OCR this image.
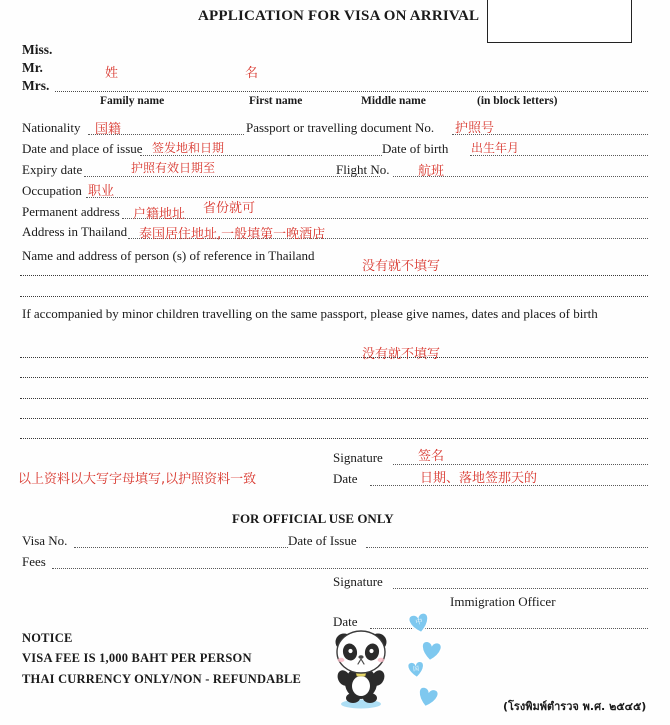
APPLICATION FOR VISA ON ARRIVAL
Miss.
Mr.
Mrs.
姓	名
Family name	First name	Middle name	(in block letters)
Nationality 国籍	Passport or travelling document No. 护照号
Date and place of issue 签发地和日期	Date of birth 出生年月
Expiry date	护照有效日期至	Flight No. 航班
Occupation 职业
Permanent address 户籍地址 省份就可
Address in Thailand 泰国居住地址,一般填第一晚酒店
Name and address of person (s) of reference in Thailand
没有就不填写
If accompanied by minor children travelling on the same passport, please give names, dates and places of birth
没有就不填写
Signature	签名
Date	日期、落地签那天的
以上资料以大写字母填写,以护照资料一致
FOR OFFICIAL USE ONLY
Visa No.	Date of Issue
Fees
Signature
Immigration Officer
Date	中
国
NOTICE
VISA FEE IS 1,000 BAHT PER PERSON
THAI CURRENCY ONLY/NON - REFUNDABLE
(โรงพิมพ์ตำรวจ พ.ศ. ๒๕๔๕)
